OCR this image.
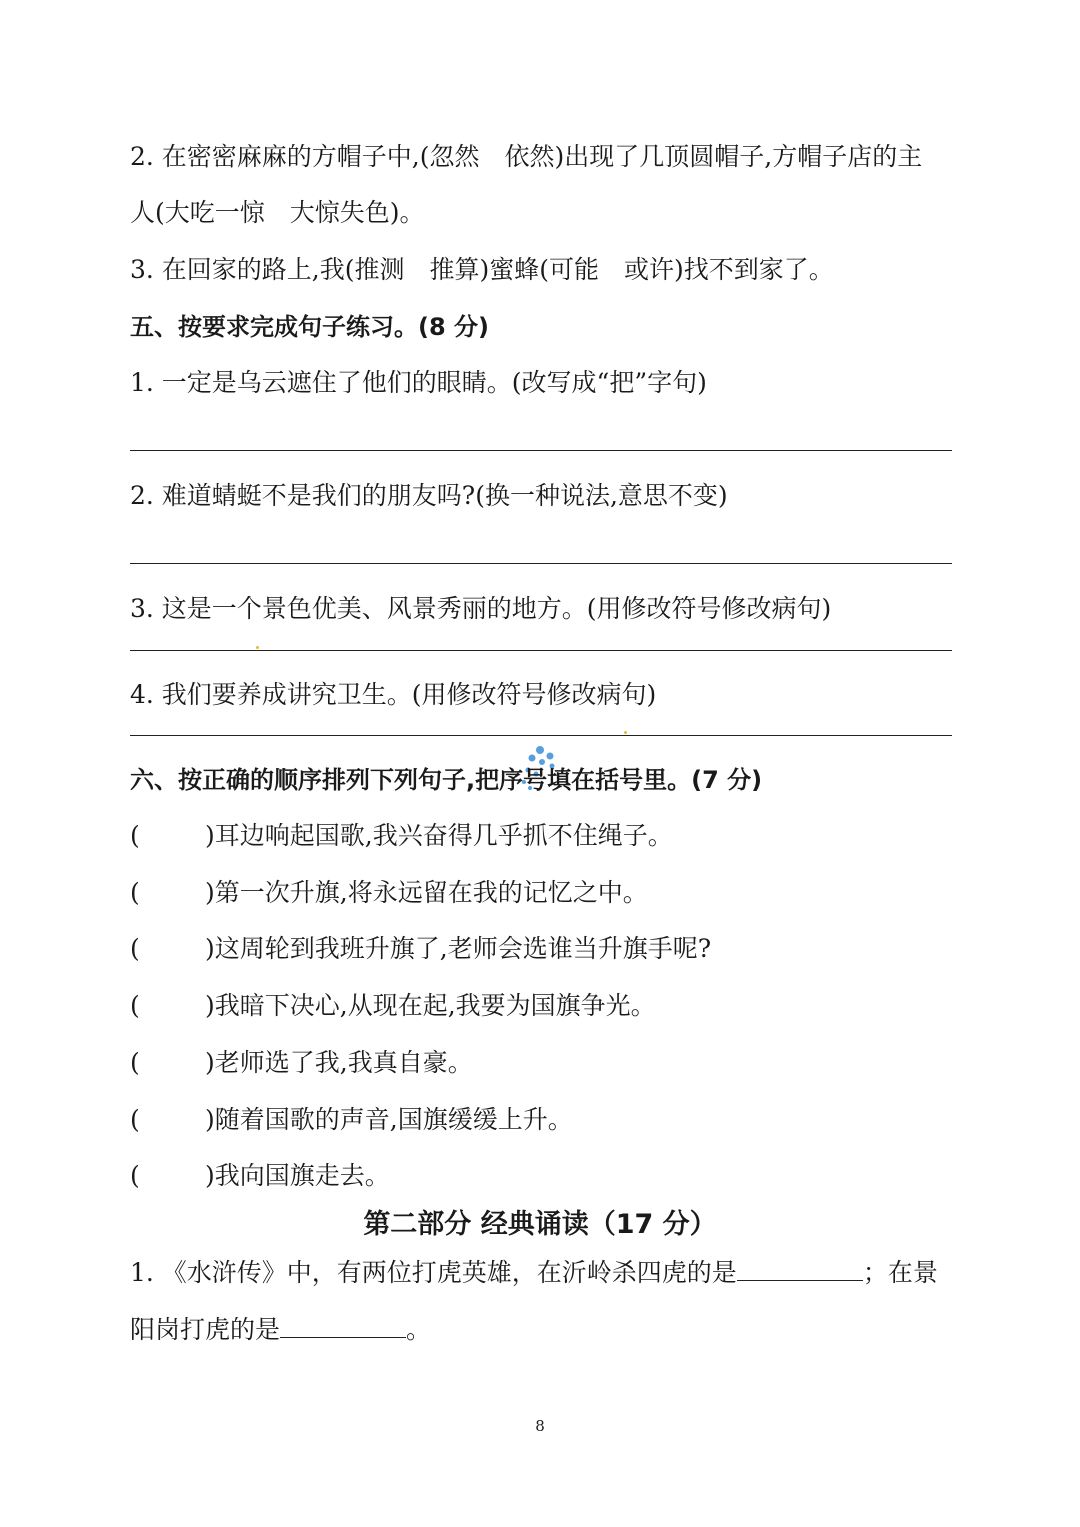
2. 在密密麻麻的方帽子中,(忽然　依然)出现了几顶圆帽子,方帽子店的主
人(大吃一惊　大惊失色)。
3. 在回家的路上,我(推测　推算)蜜蜂(可能　或许)找不到家了。
五、按要求完成句子练习。(8 分)
1. 一定是乌云遮住了他们的眼睛。(改写成“把”字句)
2. 难道蜻蜓不是我们的朋友吗?(换一种说法,意思不变)
3. 这是一个景色优美、风景秀丽的地方。(用修改符号修改病句)
4. 我们要养成讲究卫生。(用修改符号修改病句)
六、按正确的顺序排列下列句子,把序号填在括号里。(7 分)
(	)耳边响起国歌,我兴奋得几乎抓不住绳子。
(	)第一次升旗,将永远留在我的记忆之中。
(	)这周轮到我班升旗了,老师会选谁当升旗手呢?
(	)我暗下决心,从现在起,我要为国旗争光。
(	)老师选了我,我真自豪。
(	)随着国歌的声音,国旗缓缓上升。
(	)我向国旗走去。
第二部分 经典诵读（17 分）
1. 《水浒传》中，有两位打虎英雄，在沂岭杀四虎的是	；在景
阳岗打虎的是	。
8
